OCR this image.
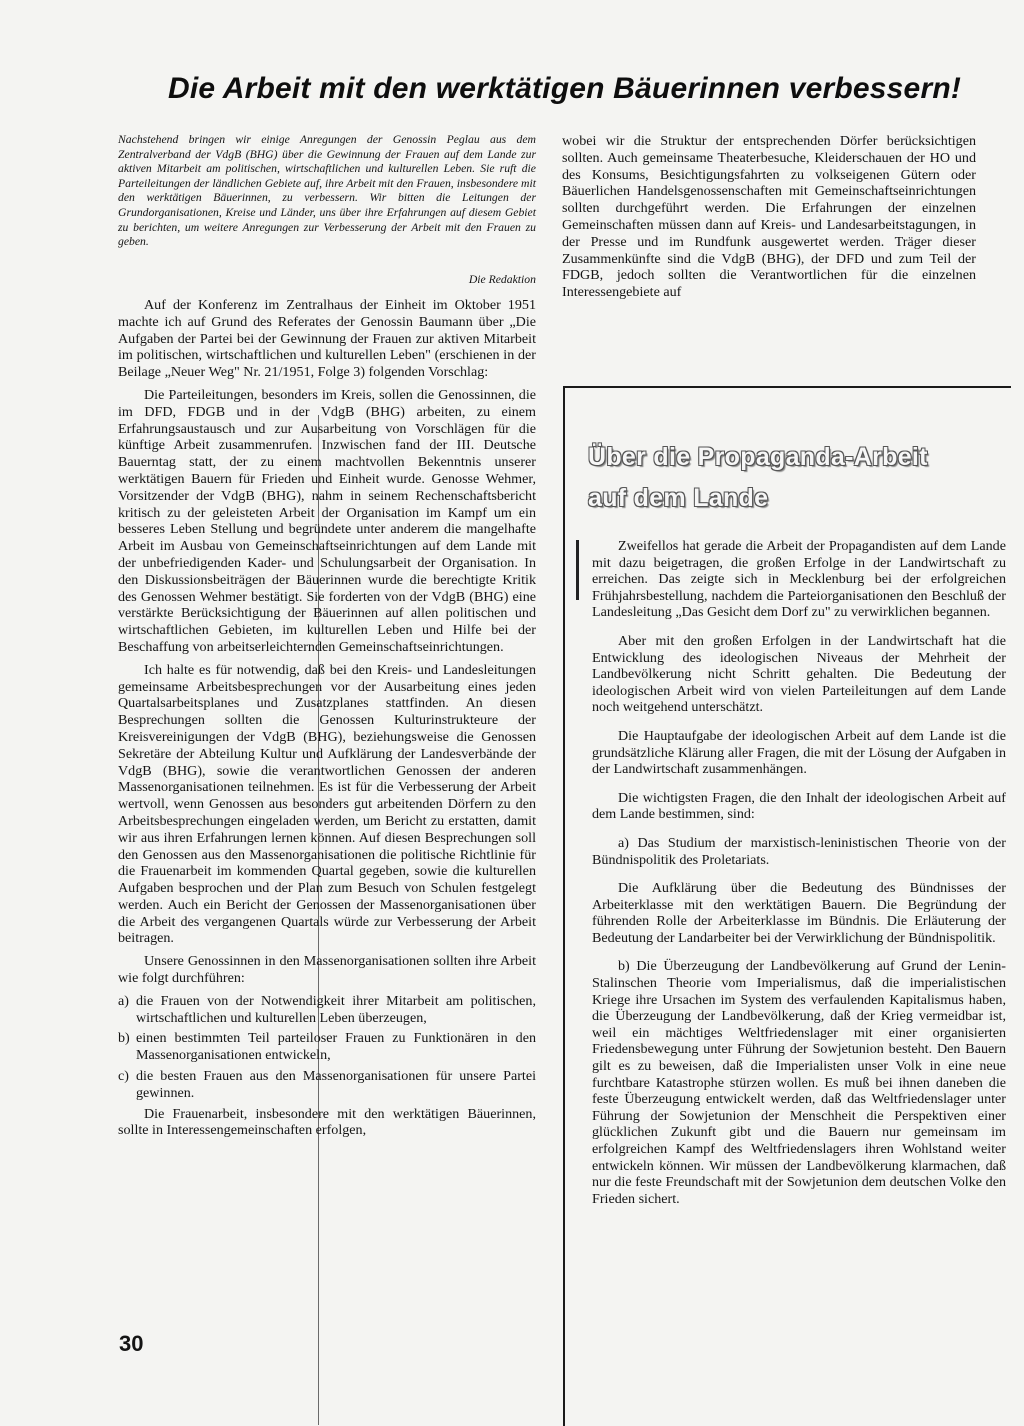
Die Arbeit mit den werktätigen Bäuerinnen verbessern!

Nachstehend bringen wir einige Anregungen der Genossin Peglau aus dem Zentralverband der VdgB (BHG) über die Gewinnung der Frauen auf dem Lande zur aktiven Mitarbeit am politischen, wirtschaftlichen und kulturellen Leben. Sie ruft die Parteileitungen der ländlichen Gebiete auf, ihre Arbeit mit den Frauen, insbesondere mit den werktätigen Bäuerinnen, zu verbessern. Wir bitten die Leitungen der Grundorganisationen, Kreise und Länder, uns über ihre Erfahrungen auf diesem Gebiet zu berichten, um weitere Anregungen zur Verbesserung der Arbeit mit den Frauen zu geben.

Die Redaktion

Auf der Konferenz im Zentralhaus der Einheit im Oktober 1951 machte ich auf Grund des Referates der Genossin Baumann über „Die Aufgaben der Partei bei der Gewinnung der Frauen zur aktiven Mitarbeit im politischen, wirtschaftlichen und kulturellen Leben" (erschienen in der Beilage „Neuer Weg" Nr. 21/1951, Folge 3) folgenden Vorschlag:

Die Parteileitungen, besonders im Kreis, sollen die Genossinnen, die im DFD, FDGB und in der VdgB (BHG) arbeiten, zu einem Erfahrungsaustausch und zur Ausarbeitung von Vorschlägen für die künftige Arbeit zusammenrufen. Inzwischen fand der III. Deutsche Bauerntag statt, der zu einem machtvollen Bekenntnis unserer werktätigen Bauern für Frieden und Einheit wurde. Genosse Wehmer, Vorsitzender der VdgB (BHG), nahm in seinem Rechenschaftsbericht kritisch zu der geleisteten Arbeit der Organisation im Kampf um ein besseres Leben Stellung und begründete unter anderem die mangelhafte Arbeit im Ausbau von Gemeinschaftseinrichtungen auf dem Lande mit der unbefriedigenden Kader- und Schulungsarbeit der Organisation. In den Diskussionsbeiträgen der Bäuerinnen wurde die berechtigte Kritik des Genossen Wehmer bestätigt. Sie forderten von der VdgB (BHG) eine verstärkte Berücksichtigung der Bäuerinnen auf allen politischen und wirtschaftlichen Gebieten, im kulturellen Leben und Hilfe bei der Beschaffung von arbeitserleichternden Gemeinschaftseinrichtungen.

Ich halte es für notwendig, daß bei den Kreis- und Landesleitungen gemeinsame Arbeitsbesprechungen vor der Ausarbeitung eines jeden Quartalsarbeitsplanes und Zusatzplanes stattfinden. An diesen Besprechungen sollten die Genossen Kulturinstrukteure der Kreisvereinigungen der VdgB (BHG), beziehungsweise die Genossen Sekretäre der Abteilung Kultur und Aufklärung der Landesverbände der VdgB (BHG), sowie die verantwortlichen Genossen der anderen Massenorganisationen teilnehmen. Es ist für die Verbesserung der Arbeit wertvoll, wenn Genossen aus besonders gut arbeitenden Dörfern zu den Arbeitsbesprechungen eingeladen werden, um Bericht zu erstatten, damit wir aus ihren Erfahrungen lernen können. Auf diesen Besprechungen soll den Genossen aus den Massenorganisationen die politische Richtlinie für die Frauenarbeit im kommenden Quartal gegeben, sowie die kulturellen Aufgaben besprochen und der Plan zum Besuch von Schulen festgelegt werden. Auch ein Bericht der Genossen der Massenorganisationen über die Arbeit des vergangenen Quartals würde zur Verbesserung der Arbeit beitragen.

Unsere Genossinnen in den Massenorganisationen sollten ihre Arbeit wie folgt durchführen:

a) die Frauen von der Notwendigkeit ihrer Mitarbeit am politischen, wirtschaftlichen und kulturellen Leben überzeugen,
b) einen bestimmten Teil parteiloser Frauen zu Funktionären in den Massenorganisationen entwickeln,
c) die besten Frauen aus den Massenorganisationen für unsere Partei gewinnen.

Die Frauenarbeit, insbesondere mit den werktätigen Bäuerinnen, sollte in Interessengemeinschaften erfolgen,

wobei wir die Struktur der entsprechenden Dörfer berücksichtigen sollten. Auch gemeinsame Theaterbesuche, Kleiderschauen der HO und des Konsums, Besichtigungsfahrten zu volkseigenen Gütern oder Bäuerlichen Handelsgenossenschaften mit Gemeinschaftseinrichtungen sollten durchgeführt werden. Die Erfahrungen der einzelnen Gemeinschaften müssen dann auf Kreis- und Landesarbeitstagungen, in der Presse und im Rundfunk ausgewertet werden. Träger dieser Zusammenkünfte sind die VdgB (BHG), der DFD und zum Teil der FDGB, jedoch sollten die Verantwortlichen für die einzelnen Interessengebiete auf

Über die Propaganda-Arbeit
auf dem Lande

Zweifellos hat gerade die Arbeit der Propagandisten auf dem Lande mit dazu beigetragen, die großen Erfolge in der Landwirtschaft zu erreichen. Das zeigte sich in Mecklenburg bei der erfolgreichen Frühjahrsbestellung, nachdem die Parteiorganisationen den Beschluß der Landesleitung „Das Gesicht dem Dorf zu" zu verwirklichen begannen.

Aber mit den großen Erfolgen in der Landwirtschaft hat die Entwicklung des ideologischen Niveaus der Mehrheit der Landbevölkerung nicht Schritt gehalten. Die Bedeutung der ideologischen Arbeit wird von vielen Parteileitungen auf dem Lande noch weitgehend unterschätzt.

Die Hauptaufgabe der ideologischen Arbeit auf dem Lande ist die grundsätzliche Klärung aller Fragen, die mit der Lösung der Aufgaben in der Landwirtschaft zusammenhängen.

Die wichtigsten Fragen, die den Inhalt der ideologischen Arbeit auf dem Lande bestimmen, sind:

a) Das Studium der marxistisch-leninistischen Theorie von der Bündnispolitik des Proletariats.

Die Aufklärung über die Bedeutung des Bündnisses der Arbeiterklasse mit den werktätigen Bauern. Die Begründung der führenden Rolle der Arbeiterklasse im Bündnis. Die Erläuterung der Bedeutung der Landarbeiter bei der Verwirklichung der Bündnispolitik.

b) Die Überzeugung der Landbevölkerung auf Grund der Lenin-Stalinschen Theorie vom Imperialismus, daß die imperialistischen Kriege ihre Ursachen im System des verfaulenden Kapitalismus haben, die Überzeugung der Landbevölkerung, daß der Krieg vermeidbar ist, weil ein mächtiges Weltfriedenslager mit einer organisierten Friedensbewegung unter Führung der Sowjetunion besteht. Den Bauern gilt es zu beweisen, daß die Imperialisten unser Volk in eine neue furchtbare Katastrophe stürzen wollen. Es muß bei ihnen daneben die feste Überzeugung entwickelt werden, daß das Weltfriedenslager unter Führung der Sowjetunion der Menschheit die Perspektiven einer glücklichen Zukunft gibt und die Bauern nur gemeinsam im erfolgreichen Kampf des Weltfriedenslagers ihren Wohlstand weiter entwickeln können. Wir müssen der Landbevölkerung klarmachen, daß nur die feste Freundschaft mit der Sowjetunion dem deutschen Volke den Frieden sichert.

30
